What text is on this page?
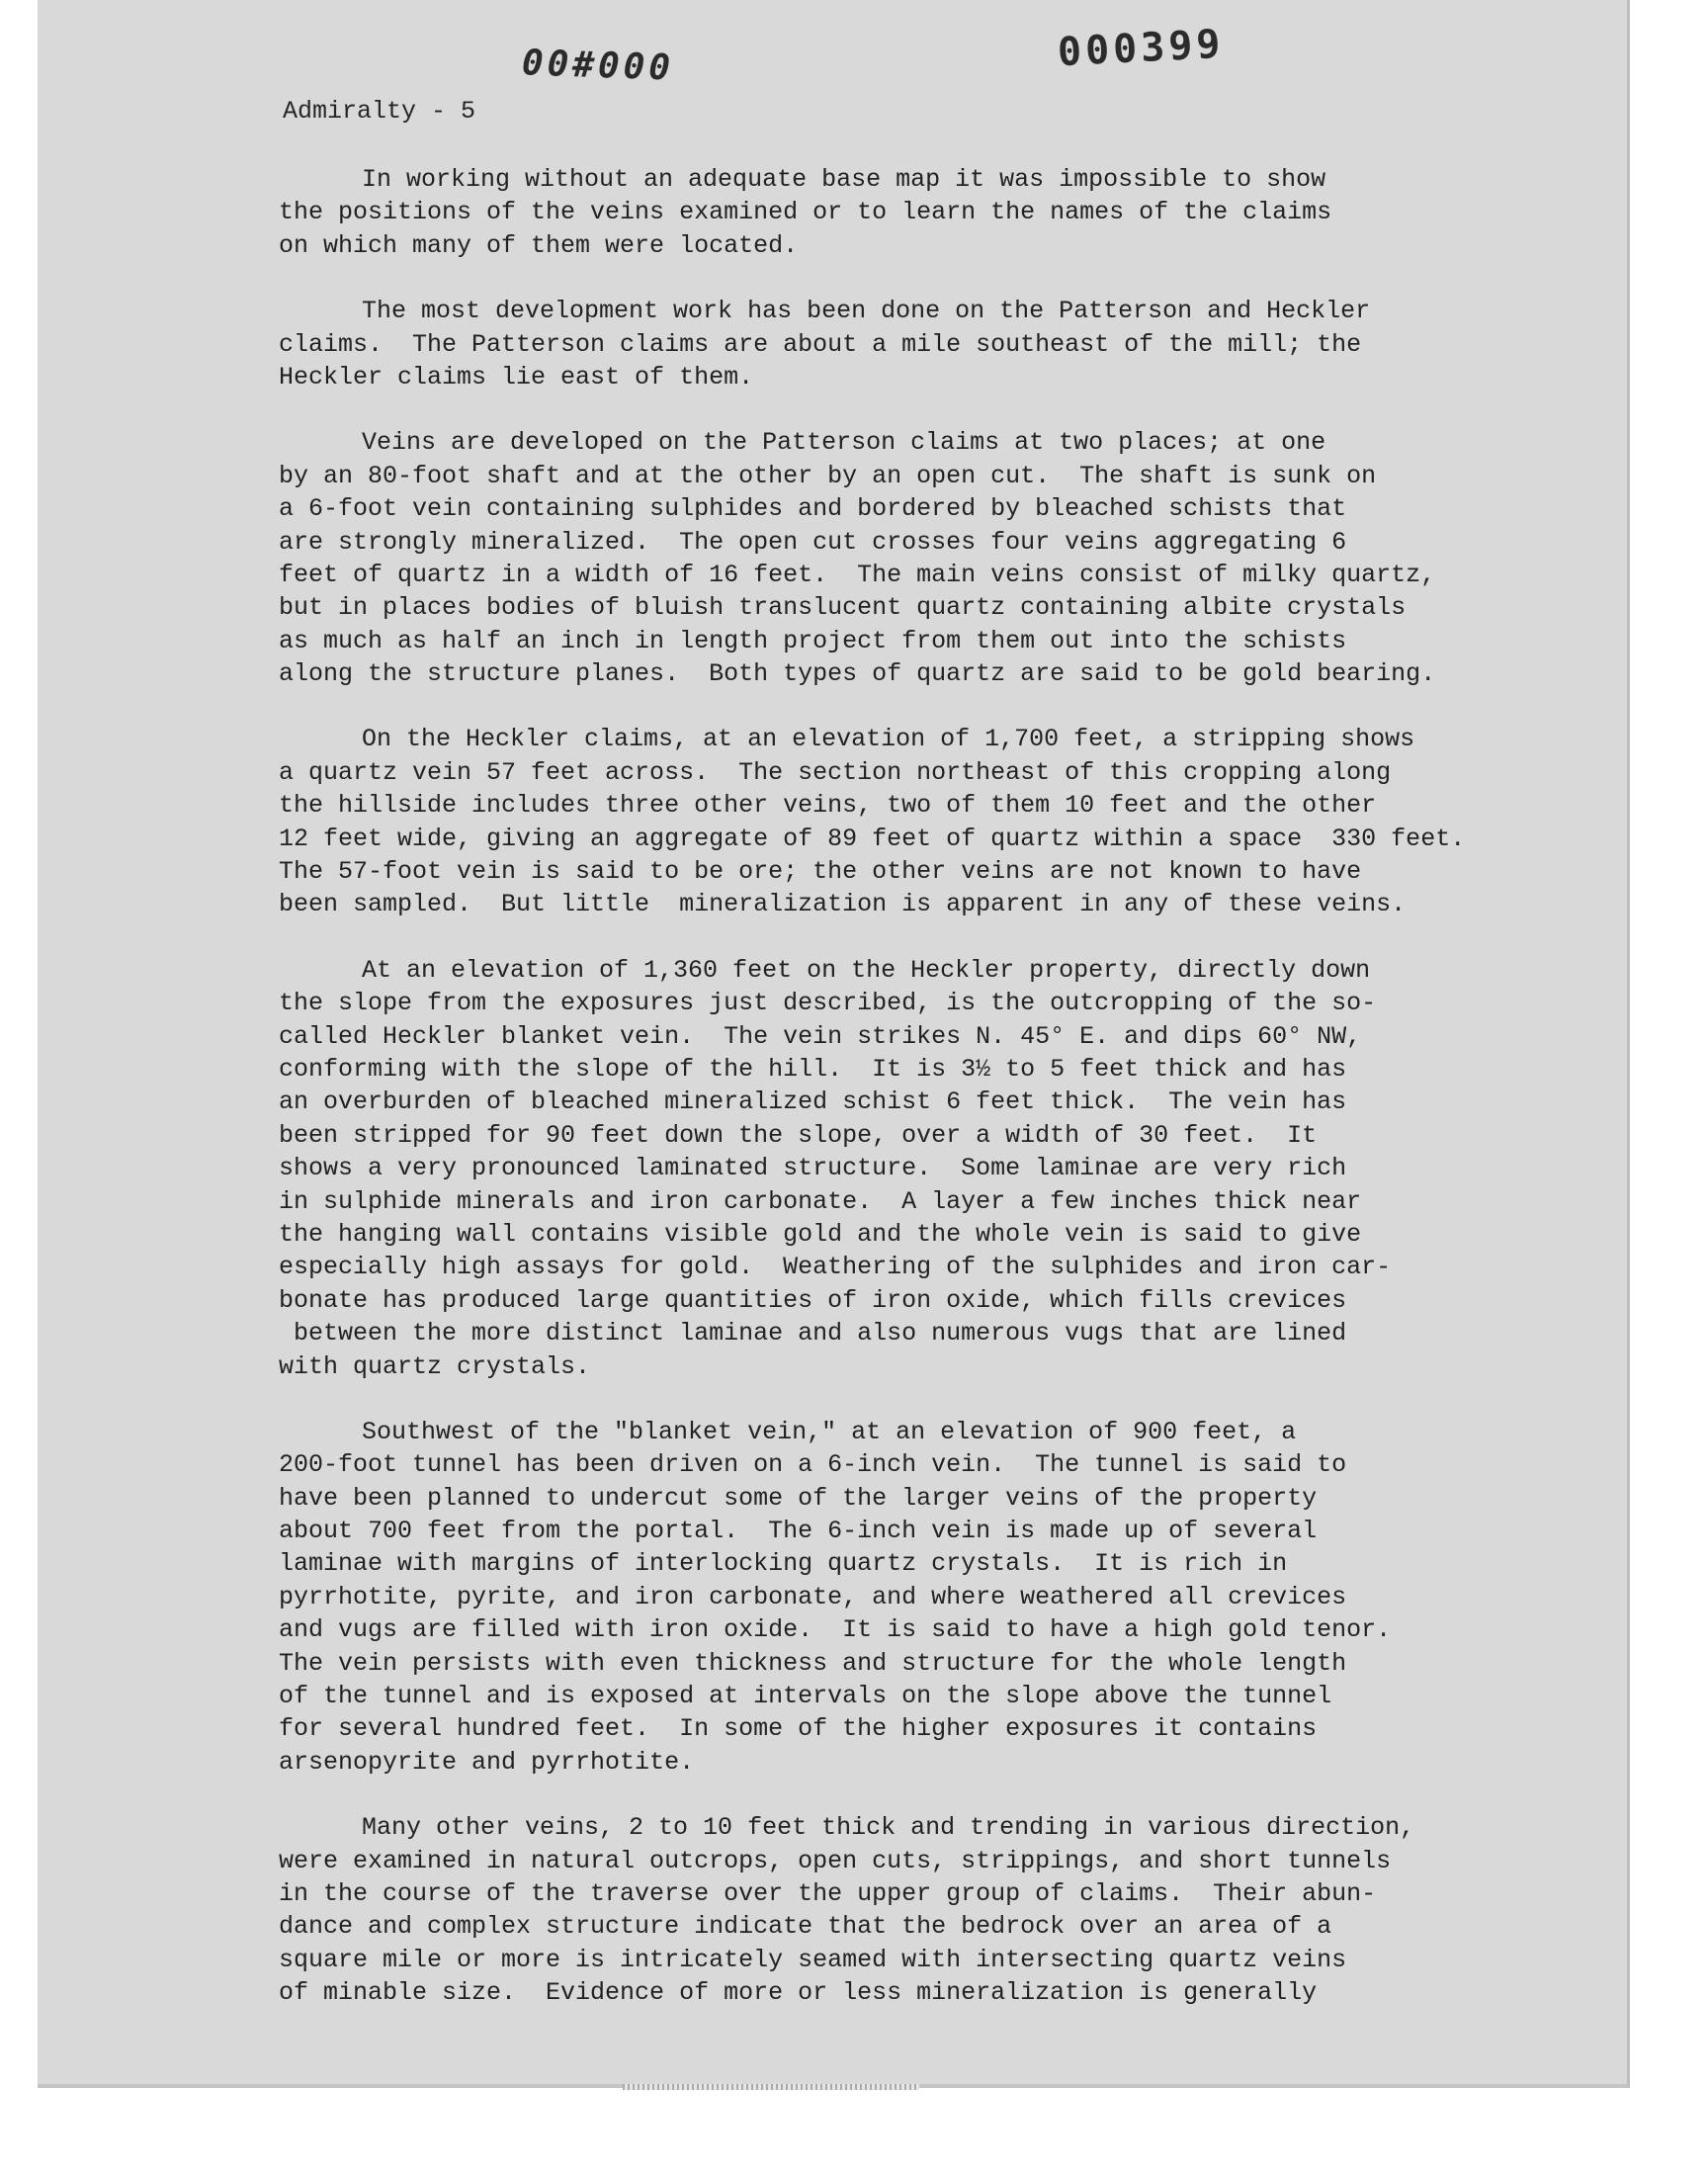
00#000	000399
Admiralty - 5
In working without an adequate base map it was impossible to show
the positions of the veins examined or to learn the names of the claims
on which many of them were located.
The most development work has been done on the Patterson and Heckler
claims.  The Patterson claims are about a mile southeast of the mill; the
Heckler claims lie east of them.
Veins are developed on the Patterson claims at two places; at one
by an 80-foot shaft and at the other by an open cut.  The shaft is sunk on
a 6-foot vein containing sulphides and bordered by bleached schists that
are strongly mineralized.  The open cut crosses four veins aggregating 6
feet of quartz in a width of 16 feet.  The main veins consist of milky quartz,
but in places bodies of bluish translucent quartz containing albite crystals
as much as half an inch in length project from them out into the schists
along the structure planes.  Both types of quartz are said to be gold bearing.
On the Heckler claims, at an elevation of 1,700 feet, a stripping shows
a quartz vein 57 feet across.  The section northeast of this cropping along
the hillside includes three other veins, two of them 10 feet and the other
12 feet wide, giving an aggregate of 89 feet of quartz within a space  330 feet.
The 57-foot vein is said to be ore; the other veins are not known to have
been sampled.  But little  mineralization is apparent in any of these veins.
At an elevation of 1,360 feet on the Heckler property, directly down
the slope from the exposures just described, is the outcropping of the so-
called Heckler blanket vein.  The vein strikes N. 45° E. and dips 60° NW,
conforming with the slope of the hill.  It is 3½ to 5 feet thick and has
an overburden of bleached mineralized schist 6 feet thick.  The vein has
been stripped for 90 feet down the slope, over a width of 30 feet.  It
shows a very pronounced laminated structure.  Some laminae are very rich
in sulphide minerals and iron carbonate.  A layer a few inches thick near
the hanging wall contains visible gold and the whole vein is said to give
especially high assays for gold.  Weathering of the sulphides and iron car-
bonate has produced large quantities of iron oxide, which fills crevices
between the more distinct laminae and also numerous vugs that are lined
with quartz crystals.
Southwest of the "blanket vein," at an elevation of 900 feet, a
200-foot tunnel has been driven on a 6-inch vein.  The tunnel is said to
have been planned to undercut some of the larger veins of the property
about 700 feet from the portal.  The 6-inch vein is made up of several
laminae with margins of interlocking quartz crystals.  It is rich in
pyrrhotite, pyrite, and iron carbonate, and where weathered all crevices
and vugs are filled with iron oxide.  It is said to have a high gold tenor.
The vein persists with even thickness and structure for the whole length
of the tunnel and is exposed at intervals on the slope above the tunnel
for several hundred feet.  In some of the higher exposures it contains
arsenopyrite and pyrrhotite.
Many other veins, 2 to 10 feet thick and trending in various direction,
were examined in natural outcrops, open cuts, strippings, and short tunnels
in the course of the traverse over the upper group of claims.  Their abun-
dance and complex structure indicate that the bedrock over an area of a
square mile or more is intricately seamed with intersecting quartz veins
of minable size.  Evidence of more or less mineralization is generally
